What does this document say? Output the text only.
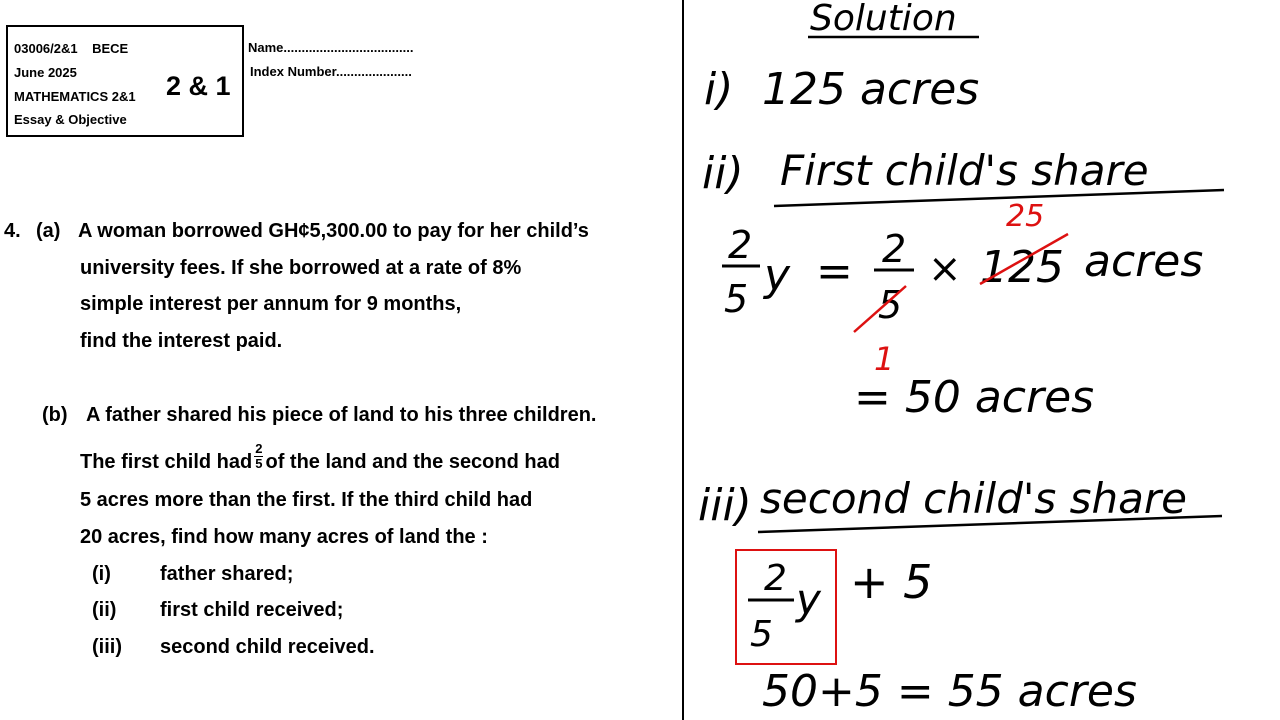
03006/2&1 BECE
June 2025
MATHEMATICS 2&1
Essay & Objective
2 & 1
Name....................................
Index Number.....................
4. (a) A woman borrowed GH¢5,300.00 to pay for her child’s
university fees. If she borrowed at a rate of 8%
simple interest per annum for 9 months,
find the interest paid.
(b) A father shared his piece of land to his three children.
The first child had $\frac{2}{5}$ of the land and the second had
5 acres more than the first. If the third child had
20 acres, find how many acres of land the :
(i) father shared;
(ii) first child received;
(iii) second child received.
Solution
i) 125 acres
ii) First child's share
2
5 y = 2
5
× 125
25
acres
1
= 50 acres
iii) second child's share
2
5
y + 5
50+5 = 55 acres
